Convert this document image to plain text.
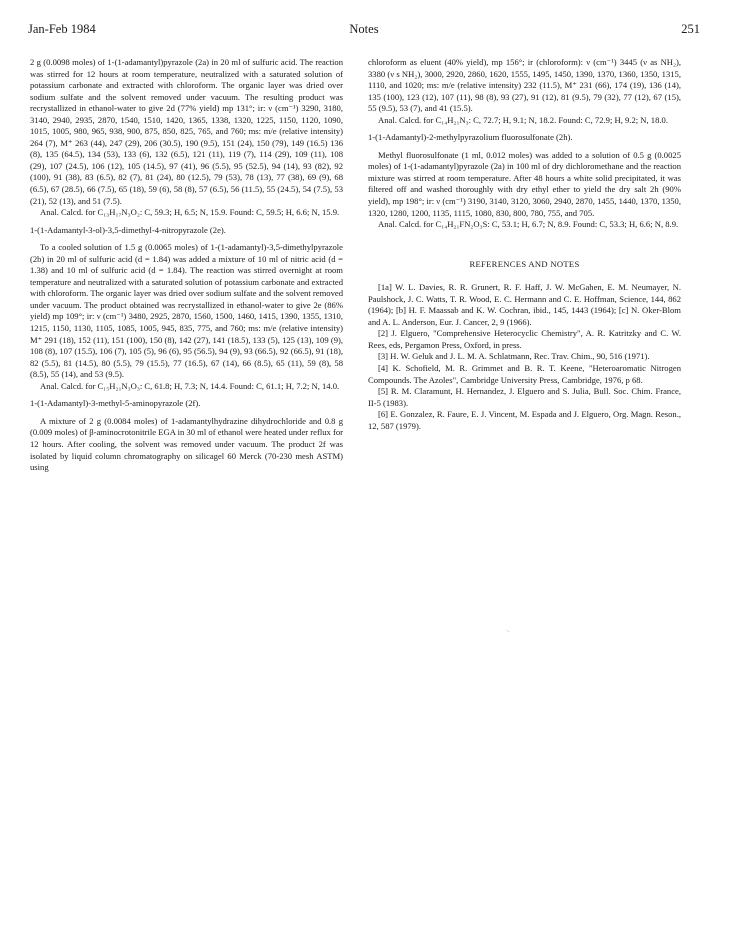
Jan-Feb 1984	Notes	251

2 g (0.0098 moles) of 1-(1-adamantyl)pyrazole (2a) in 20 ml of sulfuric acid. The reaction was stirred for 12 hours at room temperature, neutralized with a saturated solution of potassium carbonate and extracted with chloroform. The organic layer was dried over sodium sulfate and the solvent removed under vacuum. The resulting product was recrystallized in ethanol-water to give 2d (77% yield) mp 131°; ir: ν (cm⁻¹) 3290, 3180, 3140, 2940, 2935, 2870, 1540, 1510, 1420, 1365, 1338, 1320, 1225, 1150, 1120, 1090, 1015, 1005, 980, 965, 938, 900, 875, 850, 825, 765, and 760; ms: m/e (relative intensity) 264 (7), M⁺ 263 (44), 247 (29), 206 (30.5), 190 (9.5), 151 (24), 150 (79), 149 (16.5) 136 (8), 135 (64.5), 134 (53), 133 (6), 132 (6.5), 121 (11), 119 (7), 114 (29), 109 (11), 108 (29), 107 (24.5), 106 (12), 105 (14.5), 97 (41), 96 (5.5), 95 (52.5), 94 (14), 93 (82), 92 (100), 91 (38), 83 (6.5), 82 (7), 81 (24), 80 (12.5), 79 (53), 78 (13), 77 (38), 69 (9), 68 (6.5), 67 (28.5), 66 (7.5), 65 (18), 59 (6), 58 (8), 57 (6.5), 56 (11.5), 55 (24.5), 54 (7.5), 53 (21), 52 (13), and 51 (7.5).

Anal. Calcd. for C₁₃H₁₇N₃O₂: C, 59.3; H, 6.5; N, 15.9. Found: C, 59.5; H, 6.6; N, 15.9.

1-(1-Adamantyl-3-ol)-3,5-dimethyl-4-nitropyrazole (2e).

To a cooled solution of 1.5 g (0.0065 moles) of 1-(1-adamantyl)-3,5-dimethylpyrazole (2b) in 20 ml of sulfuric acid (d = 1.84) was added a mixture of 10 ml of nitric acid (d = 1.38) and 10 ml of sulfuric acid (d = 1.84). The reaction was stirred overnight at room temperature and neutralized with a saturated solution of potassium carbonate and extracted with chloroform. The organic layer was dried over sodium sulfate and the solvent removed under vacuum. The product obtained was recrystallized in ethanol-water to give 2e (86% yield) mp 109°; ir: ν (cm⁻¹) 3480, 2925, 2870, 1560, 1500, 1460, 1415, 1390, 1355, 1310, 1215, 1150, 1130, 1105, 1085, 1005, 945, 835, 775, and 760; ms: m/e (relative intensity) M⁺ 291 (18), 152 (11), 151 (100), 150 (8), 142 (27), 141 (18.5), 133 (5), 125 (13), 109 (9), 108 (8), 107 (15.5), 106 (7), 105 (5), 96 (6), 95 (56.5), 94 (9), 93 (66.5), 92 (66.5), 91 (18), 82 (5.5), 81 (14.5), 80 (5.5), 79 (15.5), 77 (16.5), 67 (14), 66 (8.5), 65 (11), 59 (8), 58 (8.5), 55 (14), and 53 (9.5).

Anal. Calcd. for C₁₅H₂₁N₃O₃: C, 61.8; H, 7.3; N, 14.4. Found: C, 61.1; H, 7.2; N, 14.0.

1-(1-Adamantyl)-3-methyl-5-aminopyrazole (2f).

A mixture of 2 g (0.0084 moles) of 1-adamantylhydrazine dihydrochloride and 0.8 g (0.009 moles) of β-aminocrotonitrile EGA in 30 ml of ethanol were heated under reflux for 12 hours. After cooling, the solvent was removed under vacuum. The product 2f was isolated by liquid column chromatography on silicagel 60 Merck (70-230 mesh ASTM) using

chloroform as eluent (40% yield), mp 156°; ir (chloroform): ν (cm⁻¹) 3445 (ν as NH₂), 3380 (ν s NH₂), 3000, 2920, 2860, 1620, 1555, 1495, 1450, 1390, 1370, 1360, 1350, 1315, 1110, and 1020; ms: m/e (relative intensity) 232 (11.5), M⁺ 231 (66), 174 (19), 136 (14), 135 (100), 123 (12), 107 (11), 98 (8), 93 (27), 91 (12), 81 (9.5), 79 (32), 77 (12), 67 (15), 55 (9.5), 53 (7), and 41 (15.5).

Anal. Calcd. for C₁₄H₂₁N₃: C, 72.7; H, 9.1; N, 18.2. Found: C, 72.9; H, 9.2; N, 18.0.

1-(1-Adamantyl)-2-methylpyrazolium fluorosulfonate (2h).

Methyl fluorosulfonate (1 ml, 0.012 moles) was added to a solution of 0.5 g (0.0025 moles) of 1-(1-adamantyl)pyrazole (2a) in 100 ml of dry dichloromethane and the reaction mixture was stirred at room temperature. After 48 hours a white solid precipitated, it was filtered off and washed thoroughly with dry ethyl ether to yield the dry salt 2h (90% yield), mp 198°; ir: ν (cm⁻¹) 3190, 3140, 3120, 3060, 2940, 2870, 1455, 1440, 1370, 1350, 1320, 1280, 1200, 1135, 1115, 1080, 830, 800, 780, 755, and 705.

Anal. Calcd. for C₁₄H₂₁FN₂O₃S: C, 53.1; H, 6.7; N, 8.9. Found: C, 53.3; H, 6.6; N, 8.9.

REFERENCES AND NOTES

[1a] W. L. Davies, R. R. Grunert, R. F. Haff, J. W. McGahen, E. M. Neumayer, N. Paulshock, J. C. Watts, T. R. Wood, E. C. Hermann and C. E. Hoffman, Science, 144, 862 (1964); [b] H. F. Maassab and K. W. Cochran, ibid., 145, 1443 (1964); [c] N. Oker-Blom and A. L. Anderson, Eur. J. Cancer, 2, 9 (1966).

[2] J. Elguero, "Comprehensive Heterocyclic Chemistry", A. R. Katritzky and C. W. Rees, eds, Pergamon Press, Oxford, in press.

[3] H. W. Geluk and J. L. M. A. Schlatmann, Rec. Trav. Chim., 90, 516 (1971).

[4] K. Schofield, M. R. Grimmet and B. R. T. Keene, "Heteroaromatic Nitrogen Compounds. The Azoles", Cambridge University Press, Cambridge, 1976, p 68.

[5] R. M. Claramunt, H. Hernandez, J. Elguero and S. Julia, Bull. Soc. Chim. France, II-5 (1983).

[6] E. Gonzalez, R. Faure, E. J. Vincent, M. Espada and J. Elguero, Org. Magn. Reson., 12, 587 (1979).

·.
